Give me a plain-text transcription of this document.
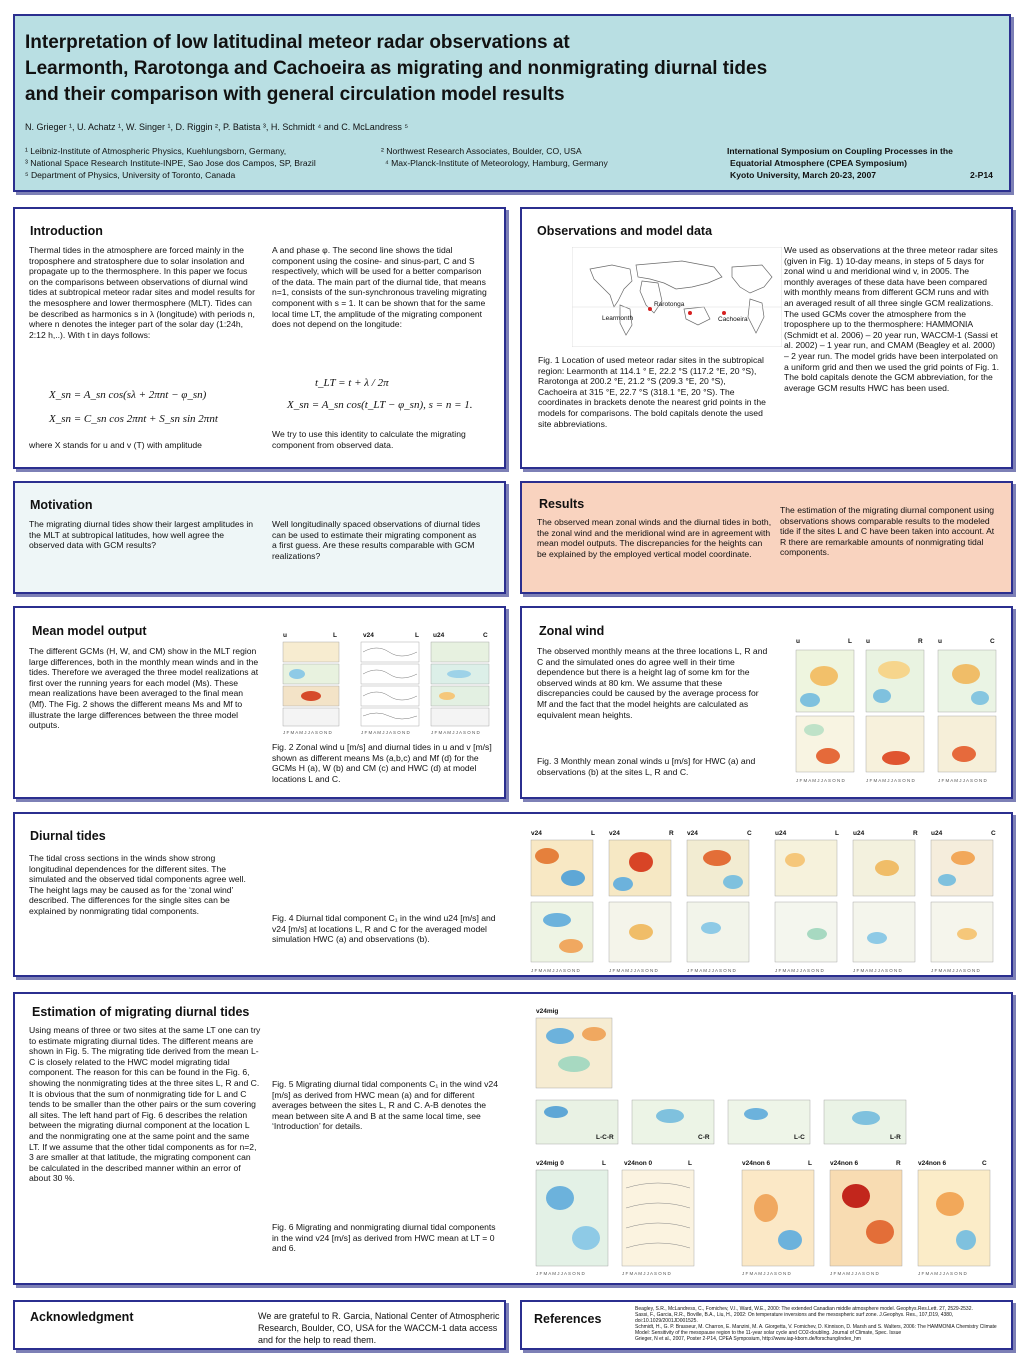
Interpretation of low latitudinal meteor radar observations at
Learmonth, Rarotonga and Cachoeira as migrating and nonmigrating diurnal tides
and their comparison with general circulation model results
N. Grieger ¹, U. Achatz ¹, W. Singer ¹, D. Riggin ², P. Batista ³, H. Schmidt ⁴ and C. McLandress ⁵
¹ Leibniz-Institute of Atmospheric Physics, Kuehlungsborn, Germany,	² Northwest Research Associates, Boulder, CO, USA
³ National Space Research Institute-INPE, Sao Jose dos Campos, SP, Brazil	⁴ Max-Planck-Institute of Meteorology, Hamburg, Germany
⁵ Department of Physics, University of Toronto, Canada
International Symposium on Coupling Processes in the
Equatorial Atmosphere (CPEA Symposium)
Kyoto University, March 20-23, 2007	2-P14
Introduction
Thermal tides in the atmosphere are forced mainly in the troposphere and stratosphere due to solar insolation and propagate up to the thermosphere. In this paper we focus on the comparisons between observations of diurnal wind tides at subtropical meteor radar sites and model results for the mesosphere and lower thermosphere (MLT). Tides can be described as harmonics s in λ (longitude) with periods n, where n denotes the integer part of the solar day (1:24h, 2:12 h,..). With t in days follows:
X_sn = A_sn cos(sλ + 2πnt − φ_sn)
X_sn = C_sn cos 2πnt + S_sn sin 2πnt
where X stands for u and v (T) with amplitude
A and phase φ. The second line shows the tidal component using the cosine- and sinus-part, C and S respectively, which will be used for a better comparison of the data. The main part of the diurnal tide, that means n=1, consists of the sun-synchronous traveling migrating component with s = 1. It can be shown that for the same local time LT, the amplitude of the migrating component does not depend on the longitude:
t_LT = t + λ / 2π
X_sn = A_sn cos(t_LT − φ_sn), s = n = 1.
We try to use this identity to calculate the migrating component from observed data.
Observations and model data
Rarotonga
Learmonth	Cachoeira
Fig. 1 Location of used meteor radar sites in the subtropical region: Learmonth at 114.1 ° E, 22.2 °S (117.2 °E, 20 °S), Rarotonga at 200.2 °E, 21.2 °S (209.3 °E, 20 °S), Cachoeira at 315 °E, 22.7 °S (318.1 °E, 20 °S). The coordinates in brackets denote the nearest grid points in the models for comparisons. The bold capitals denote the used site abbreviations.
We used as observations at the three meteor radar sites (given in Fig. 1) 10-day means, in steps of 5 days for zonal wind u and meridional wind v, in 2005. The monthly averages of these data have been compared with monthly means from different GCM runs and with an averaged result of all three single GCM realizations. The used GCMs cover the atmosphere from the troposphere up to the thermosphere: HAMMONIA (Schmidt et al. 2006) – 20 year run, WACCM-1 (Sassi et al. 2002) – 1 year run, and CMAM (Beagley et al. 2000) – 2 year run. The model grids have been interpolated on a uniform grid and then we used the grid points of Fig. 1. The bold capitals denote the GCM abbreviation, for the average GCM results HWC has been used.
Motivation
The migrating diurnal tides show their largest amplitudes in the MLT at subtropical latitudes, how well agree the observed data with GCM results?
Well longitudinally spaced observations of diurnal tides can be used to estimate their migrating component as a first guess. Are these results comparable with GCM realizations?
Results
The observed mean zonal winds and the diurnal tides in both, the zonal wind and the meridional wind are in agreement with mean model outputs. The discrepancies for the heights can be explained by the employed vertical model coordinate.
The estimation of the migrating diurnal component using observations shows comparable results to the modeled tide if the sites L and C have been taken into account. At R there are remarkable amounts of nonmigrating tidal components.
Mean model output
The different GCMs (H, W, and CM) show in the MLT region large differences, both in the monthly mean winds and in the tides. Therefore we averaged the three model realizations at first over the running years for each model (Ms). These mean realizations have been averaged to the final mean (Mf). The Fig. 2 shows the different means Ms and Mf to illustrate the large differences between the three model outputs.
u	L	v24	L u24	C
J F M A M J J A S O N D	J F M A M J J A S O N D	J F M A M J J A S O N D
Fig. 2 Zonal wind u [m/s] and diurnal tides in u and v [m/s] shown as different means Ms (a,b,c) and Mf (d) for the GCMs H (a), W (b) and CM (c) and HWC (d) at model locations L and C.
Zonal wind
The observed monthly means at the three locations L, R and C and the simulated ones do agree well in their time dependence but there is a height lag of some km for the observed winds at 80 km. We assume that these discrepancies could be caused by the average process for Mf and the fact that the model heights are calculated as equivalent mean heights.
Fig. 3 Monthly mean zonal winds u [m/s] for HWC (a) and observations (b) at the sites L, R and C.
u	L u	R u	C
J F M A M J J A S O N D	J F M A M J J A S O N D	J F M A M J J A S O N D
Diurnal tides
The tidal cross sections in the winds show strong longitudinal dependences for the different sites. The simulated and the observed tidal components agree well. The height lags may be caused as for the ‘zonal wind’ described. The differences for the single sites can be explained by nonmigrating tidal components.
Fig. 4 Diurnal tidal component C₁ in the wind u24 [m/s] and v24 [m/s] at locations L, R and C for the averaged model simulation HWC (a) and observations (b).
v24	L v24	R v24	C	u24	L u24	R u24	C
J F M A M J J A S O N D	J F M A M J J A S O N D	J F M A M J J A S O N D	J F M A M J J A S O N D	J F M A M J J A S O N D	J F M A M J J A S O N D
Estimation of migrating diurnal tides
Using means of three or two sites at the same LT one can try to estimate migrating diurnal tides. The different means are shown in Fig. 5. The migrating tide derived from the mean L-C is closely related to the HWC model migrating tidal component. The reason for this can be found in the Fig. 6, showing the nonmigrating tides at the three sites L, R and C. It is obvious that the sum of nonmigrating tide for L and C tends to be smaller than the other pairs or the sum covering all sites. The left hand part of Fig. 6 describes the relation between the migrating diurnal component at the location L and the nonmigrating one at the same point and the same LT. If we assume that the other tidal components as for n=2, 3 are smaller at that latitude, the migrating component can be calculated in the described manner within an error of about 30 %.
Fig. 5 Migrating diurnal tidal components C₁ in the wind v24 [m/s] as derived from HWC mean (a) and for different averages between the sites L, R and C. A-B denotes the mean between site A and B at the same local time, see ‘Introduction’ for details.
Fig. 6 Migrating and nonmigrating diurnal tidal components in the wind v24 [m/s] as derived from HWC mean at LT = 0 and 6.
v24mig
L-C-R	C-R	L-C	L-R
v24mig 0	L	v24non 0	L	v24non 6	L	v24non 6	R	v24non 6	C
J F M A M J J A S O N D	J F M A M J J A S O N D	J F M A M J J A S O N D	J F M A M J J A S O N D	J F M A M J J A S O N D
Acknowledgment	We are grateful to R. Garcia, National Center of Atmospheric Research, Boulder, CO, USA for the WACCM-1 data access and for the help to read them.
References
Beagley, S.R., McLandress, C., Fomichev, V.I., Ward, W.E., 2000: The extended Canadian middle atmosphere model. Geophys.Res.Lett. 27, 2529-2532.
Sassi, F., Garcia, R.R., Boville, B.A., Liu, H., 2002: On temperature inversions and the mesospheric surf zone. J.Geophys. Res., 107,D19, 4380, doi:10.1029/2001JD001525.
Schmidt, H., G. P. Brasseur, M. Charron, E. Manzini, M. A. Giorgetta, V. Fomichev, D. Kinnison, D. Marsh and S. Walters, 2006: The HAMMONIA Chemistry Climate Model: Sensitivity of the mesopause region to the 11-year solar cycle and CO2-doubling. Journal of Climate, Spec. Issue
Grieger, N et al., 2007, Poster 2-P14, CPEA Symposium, http://www.iap-kborn.de/forschung/index_hm
